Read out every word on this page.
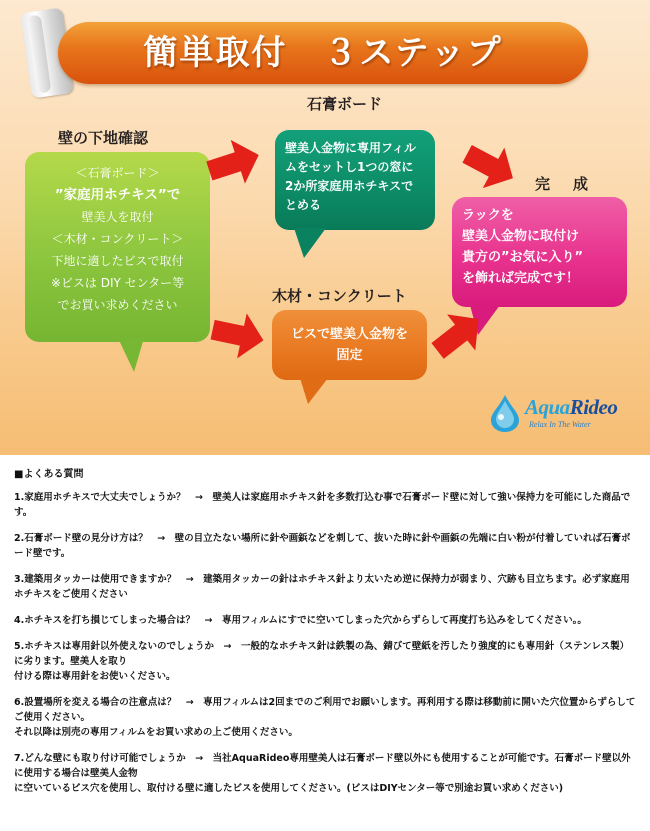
簡単取付　３ステップ
壁の下地確認
石膏ボード
木材・コンクリート
完　成
＜石膏ボード＞
”家庭用ホチキス”で
壁美人を取付
＜木材・コンクリート＞
下地に適したビスで取付
※ビスは DIY センター等
でお買い求めください
壁美人金物に専用フィル
ムをセットし1つの窓に
2か所家庭用ホチキスで
とめる
ビスで壁美人金物を
固定
ラックを
壁美人金物に取付け
貴方の”お気に入り”
を飾れば完成です！
AquaRideo
Relax In The Water
■よくある質問
1.家庭用ホチキスで大丈夫でしょうか？　→　壁美人は家庭用ホチキス針を多数打込む事で石膏ボード壁に対して強い保持力を可能にした商品です。
2.石膏ボード壁の見分け方は？　→　壁の目立たない場所に針や画鋲などを刺して、抜いた時に針や画鋲の先端に白い粉が付着していれば石膏ボード壁です。
3.建築用タッカーは使用できますか？　→　建築用タッカーの針はホチキス針より太いため逆に保持力が弱まり、穴跡も目立ちます。必ず家庭用ホチキスをご使用ください
4.ホチキスを打ち損じてしまった場合は？　→　専用フィルムにすでに空いてしまった穴からずらして再度打ち込みをしてください。。
5.ホチキスは専用針以外使えないのでしょうか　→　一般的なホチキス針は鉄製の為、錆びて壁紙を汚したり強度的にも専用針（ステンレス製）に劣ります。壁美人を取り
付ける際は専用針をお使いください。
6.設置場所を変える場合の注意点は？　→　専用フィルムは2回までのご利用でお願いします。再利用する際は移動前に開いた穴位置からずらしてご使用ください。
それ以降は別売の専用フィルムをお買い求めの上ご使用ください。
7.どんな壁にも取り付け可能でしょうか　→　当社AquaRideo専用壁美人は石膏ボード壁以外にも使用することが可能です。石膏ボード壁以外に使用する場合は壁美人金物
に空いているビス穴を使用し、取付ける壁に適したビスを使用してください。(ビスはDIYセンター等で別途お買い求めください)
